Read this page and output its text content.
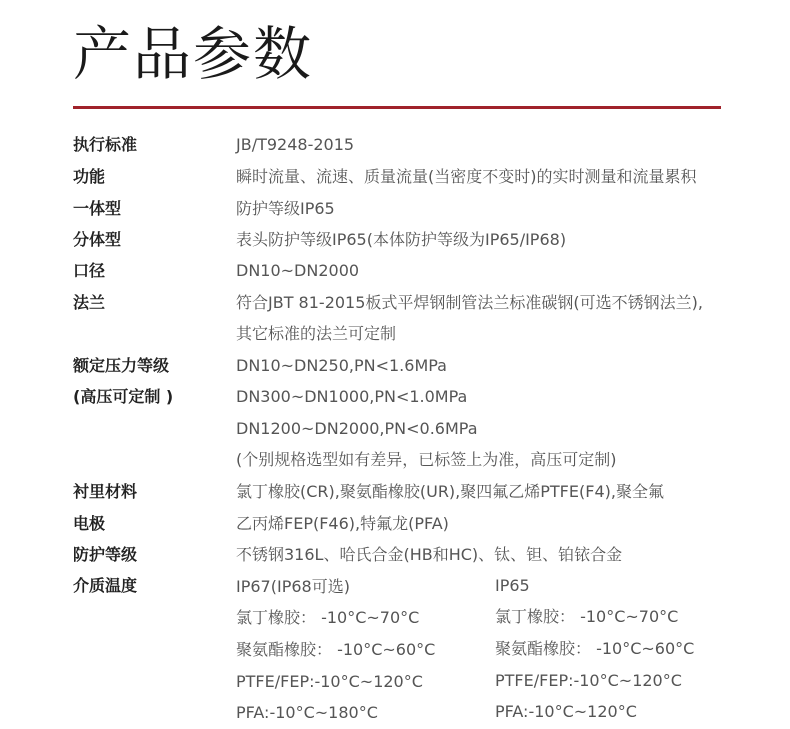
产品参数
执行标准
功能
一体型
分体型
口径
法兰
额定压力等级
(高压可定制 )
衬里材料
电极
防护等级
介质温度
JB/T9248-2015
瞬时流量、流速、质量流量(当密度不变时)的实时测量和流量累积
防护等级IP65
表头防护等级IP65(本体防护等级为IP65/IP68)
DN10~DN2000
符合JBT 81-2015板式平焊钢制管法兰标准碳钢(可选不锈钢法兰),
其它标准的法兰可定制
DN10~DN250,PN<1.6MPa
DN300~DN1000,PN<1.0MPa
DN1200~DN2000,PN<0.6MPa
(个别规格选型如有差异，已标签上为准，高压可定制)
氯丁橡胶(CR),聚氨酯橡胶(UR),聚四氟乙烯PTFE(F4),聚全氟
乙丙烯FEP(F46),特氟龙(PFA)
不锈钢316L、哈氏合金(HB和HC)、钛、钽、铂铱合金
IP67(IP68可选)
氯丁橡胶： -10°C~70°C
聚氨酯橡胶： -10°C~60°C
PTFE/FEP:-10°C~120°C
PFA:-10°C~180°C
IP65
氯丁橡胶： -10°C~70°C
聚氨酯橡胶： -10°C~60°C
PTFE/FEP:-10°C~120°C
PFA:-10°C~120°C
